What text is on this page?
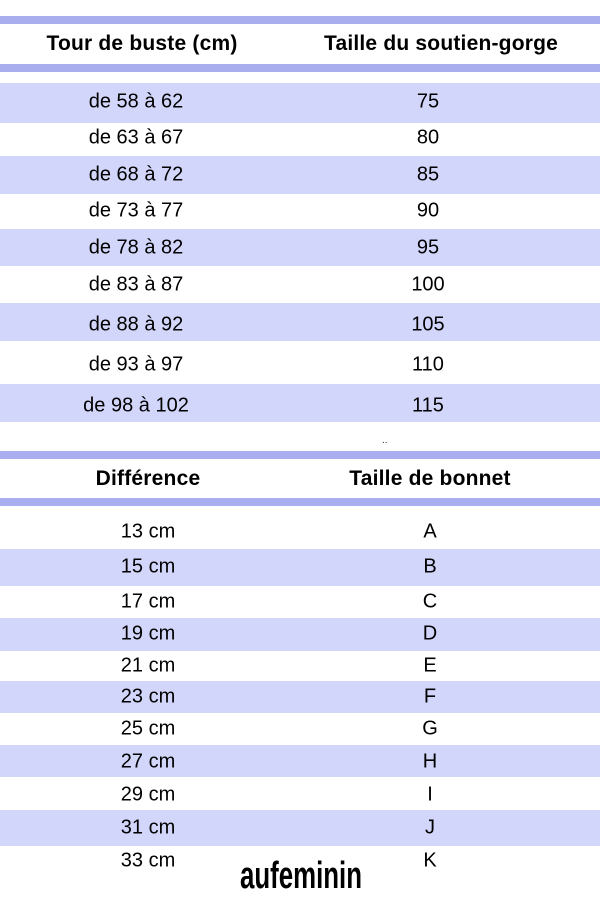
Tour de buste (cm)	Taille du soutien-gorge
de 58 à 62	75
de 63 à 67	80
de 68 à 72	85
de 73 à 77	90
de 78 à 82	95
de 83 à 87	100
de 88 à 92	105
de 93 à 97	110
de 98 à 102	115
..
Différence	Taille de bonnet
13 cm	A
15 cm	B
17 cm	C
19 cm	D
21 cm	E
23 cm	F
25 cm	G
27 cm	H
29 cm	I
31 cm	J
33 cm	K
aufeminin
